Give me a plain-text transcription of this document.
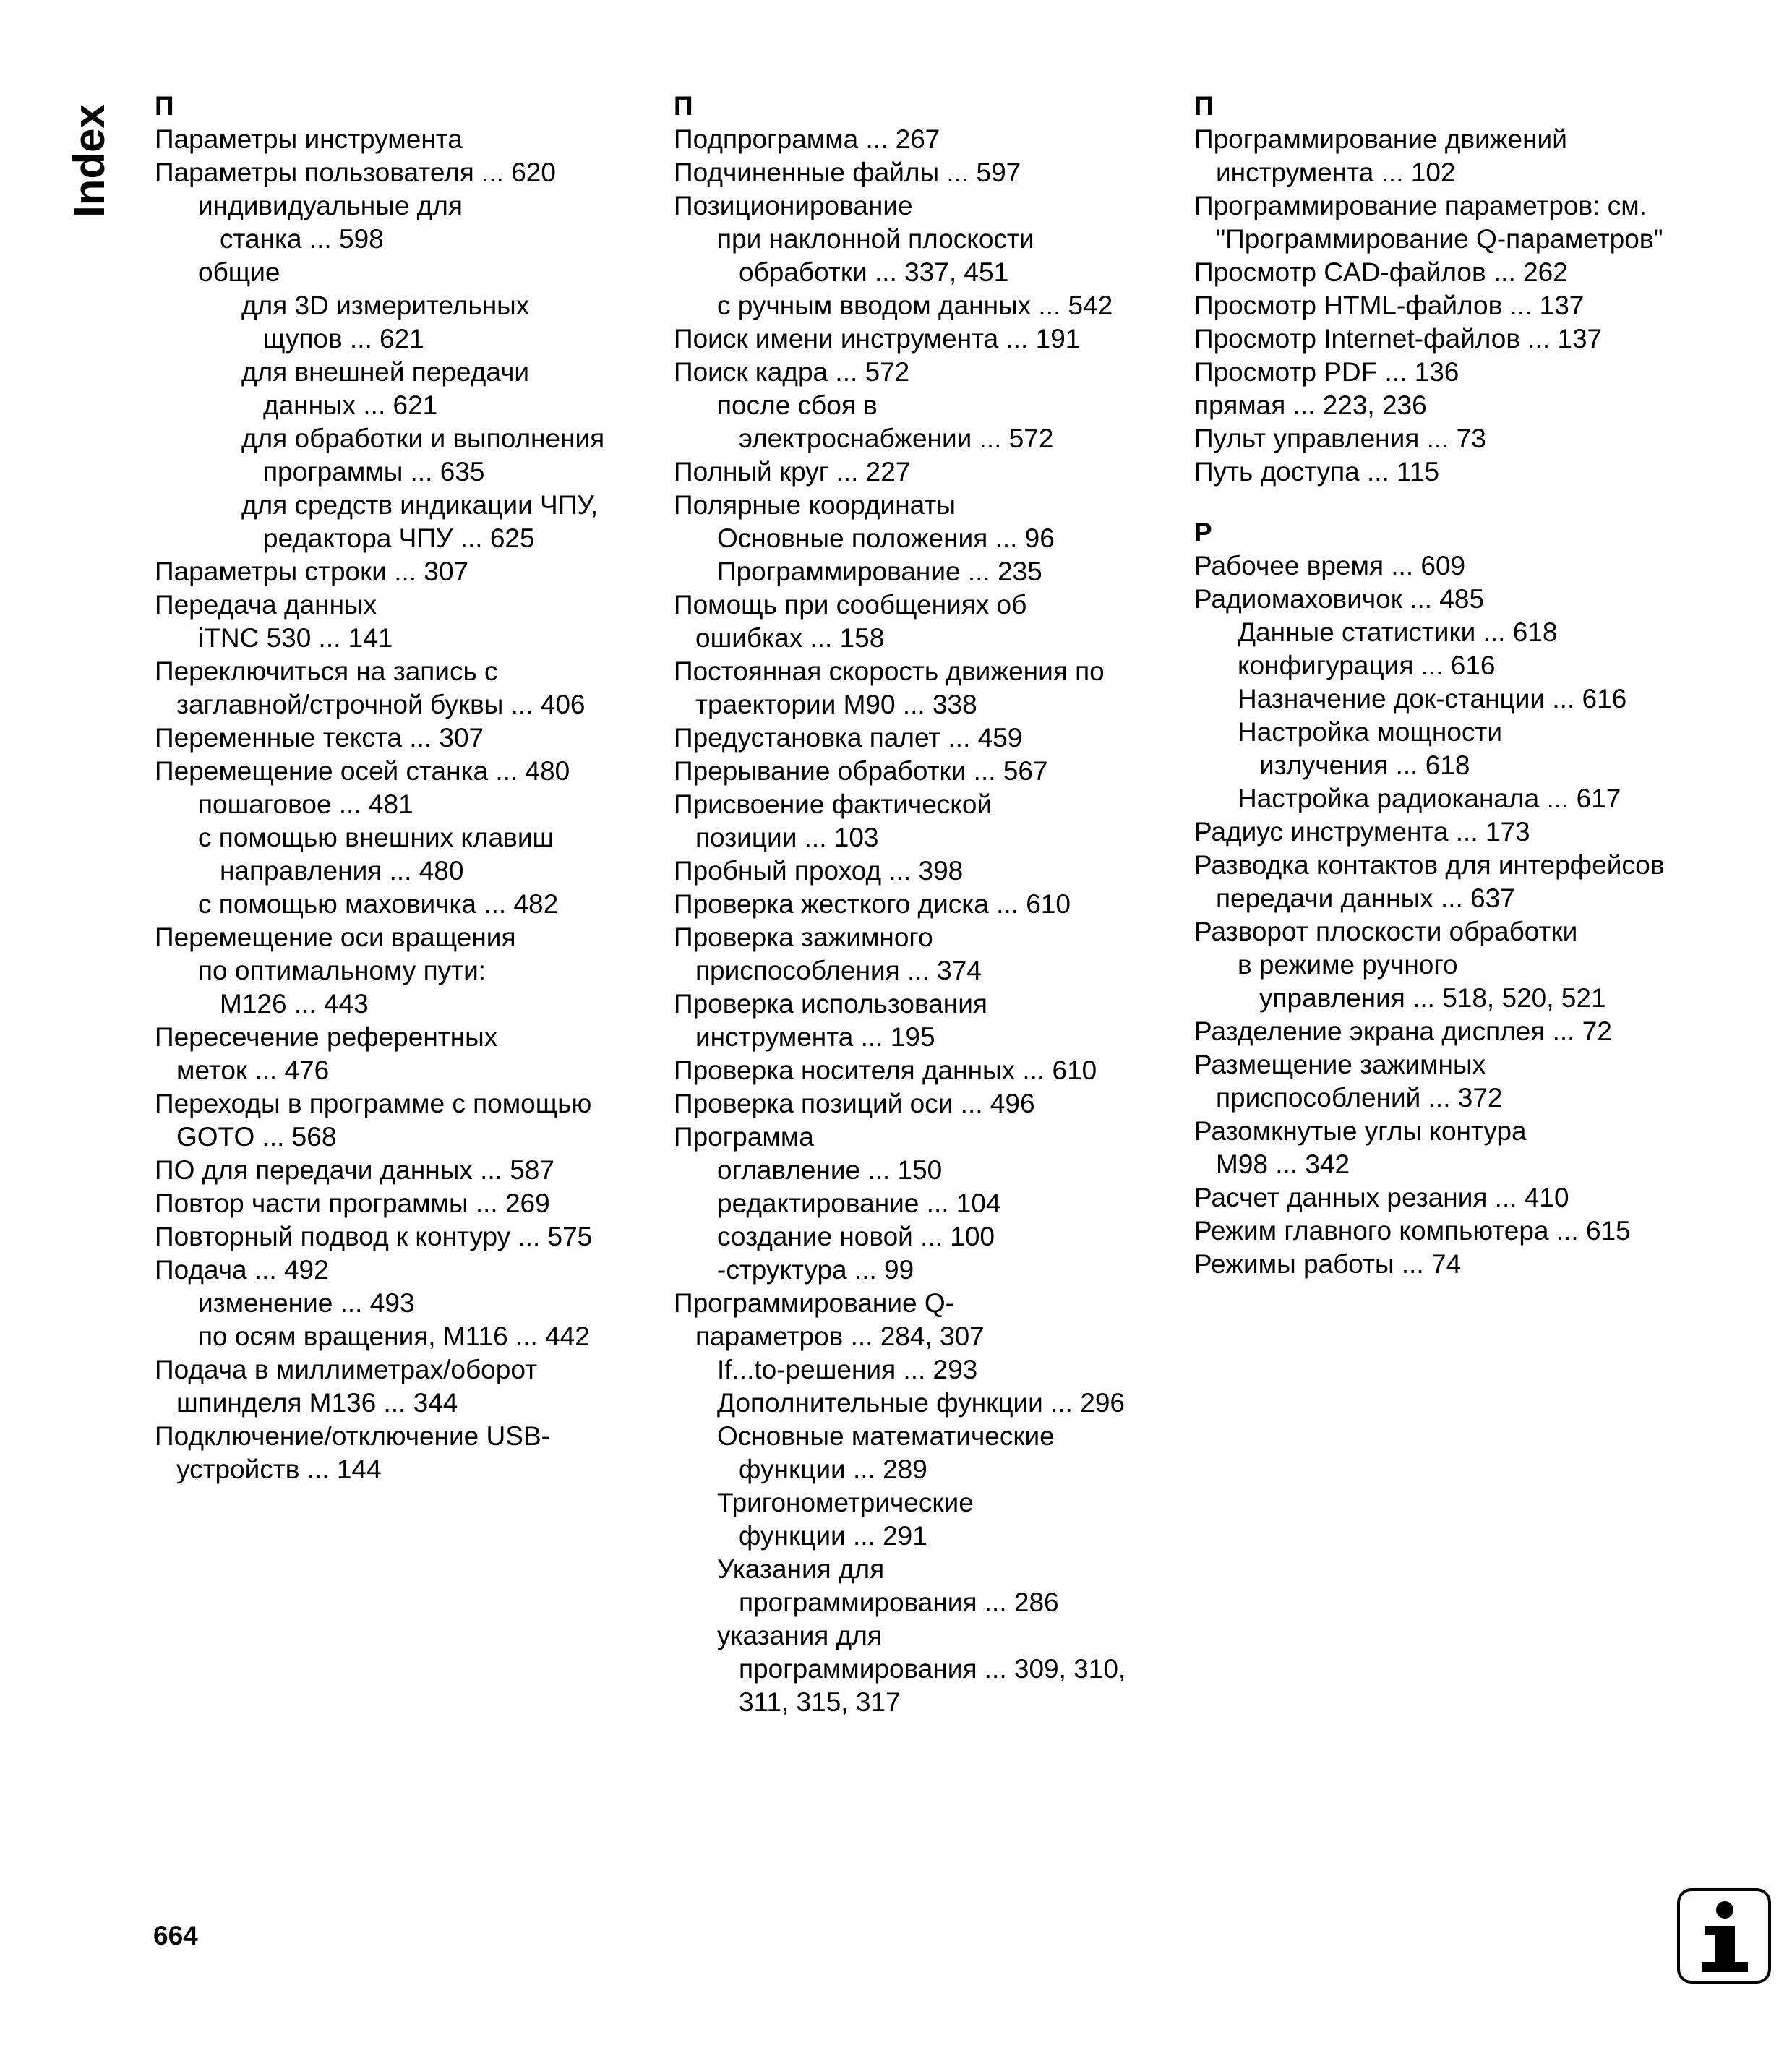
Index П
Параметры инструмента
Параметры пользователя ... 620
индивидуальные для
станка ... 598
общие
для 3D измерительных
щупов ... 621
для внешней передачи
данных ... 621
для обработки и выполнения
программы ... 635
для средств индикации ЧПУ,
редактора ЧПУ ... 625
Параметры строки ... 307
Передача данных
iTNC 530 ... 141
Переключиться на запись с
заглавной/строчной буквы ... 406
Переменные текста ... 307
Перемещение осей станка ... 480
пошаговое ... 481
с помощью внешних клавиш
направления ... 480
с помощью маховичка ... 482
Перемещение оси вращения
по оптимальному пути:
M126 ... 443
Пересечение референтных
меток ... 476
Переходы в программе с помощью
GOTO ... 568
ПО для передачи данных ... 587
Повтор части программы ... 269
Повторный подвод к контуру ... 575
Подача ... 492
изменение ... 493
по осям вращения, M116 ... 442
Подача в миллиметрах/оборот
шпинделя M136 ... 344
Подключение/отключение USB-
устройств ... 144
П
Подпрограмма ... 267
Подчиненные файлы ... 597
Позиционирование
при наклонной плоскости
обработки ... 337, 451
с ручным вводом данных ... 542
Поиск имени инструмента ... 191
Поиск кадра ... 572
после сбоя в
электроснабжении ... 572
Полный круг ... 227
Полярные координаты
Основные положения ... 96
Программирование ... 235
Помощь при сообщениях об
ошибках ... 158
Постоянная скорость движения по
траектории M90 ... 338
Предустановка палет ... 459
Прерывание обработки ... 567
Присвоение фактической
позиции ... 103
Пробный проход ... 398
Проверка жесткого диска ... 610
Проверка зажимного
приспособления ... 374
Проверка использования
инструмента ... 195
Проверка носителя данных ... 610
Проверка позиций оси ... 496
Программа
оглавление ... 150
редактирование ... 104
создание новой ... 100
-структура ... 99
Программирование Q-
параметров ... 284, 307
If...to-решения ... 293
Дополнительные функции ... 296
Основные математические
функции ... 289
Тригонометрические
функции ... 291
Указания для
программирования ... 286
указания для
программирования ... 309, 310,
311, 315, 317
П
Программирование движений
инструмента ... 102
Программирование параметров: см.
"Программирование Q-параметров"
Просмотр CAD-файлов ... 262
Просмотр HTML-файлов ... 137
Просмотр Internet-файлов ... 137
Просмотр PDF ... 136
прямая ... 223, 236
Пульт управления ... 73
Путь доступа ... 115
Р
Рабочее время ... 609
Радиомаховичок ... 485
Данные статистики ... 618
конфигурация ... 616
Назначение док-станции ... 616
Настройка мощности
излучения ... 618
Настройка радиоканала ... 617
Радиус инструмента ... 173
Разводка контактов для интерфейсов
передачи данных ... 637
Разворот плоскости обработки
в режиме ручного
управления ... 518, 520, 521
Разделение экрана дисплея ... 72
Размещение зажимных
приспособлений ... 372
Разомкнутые углы контура
M98 ... 342
Расчет данных резания ... 410
Режим главного компьютера ... 615
Режимы работы ... 74
664
